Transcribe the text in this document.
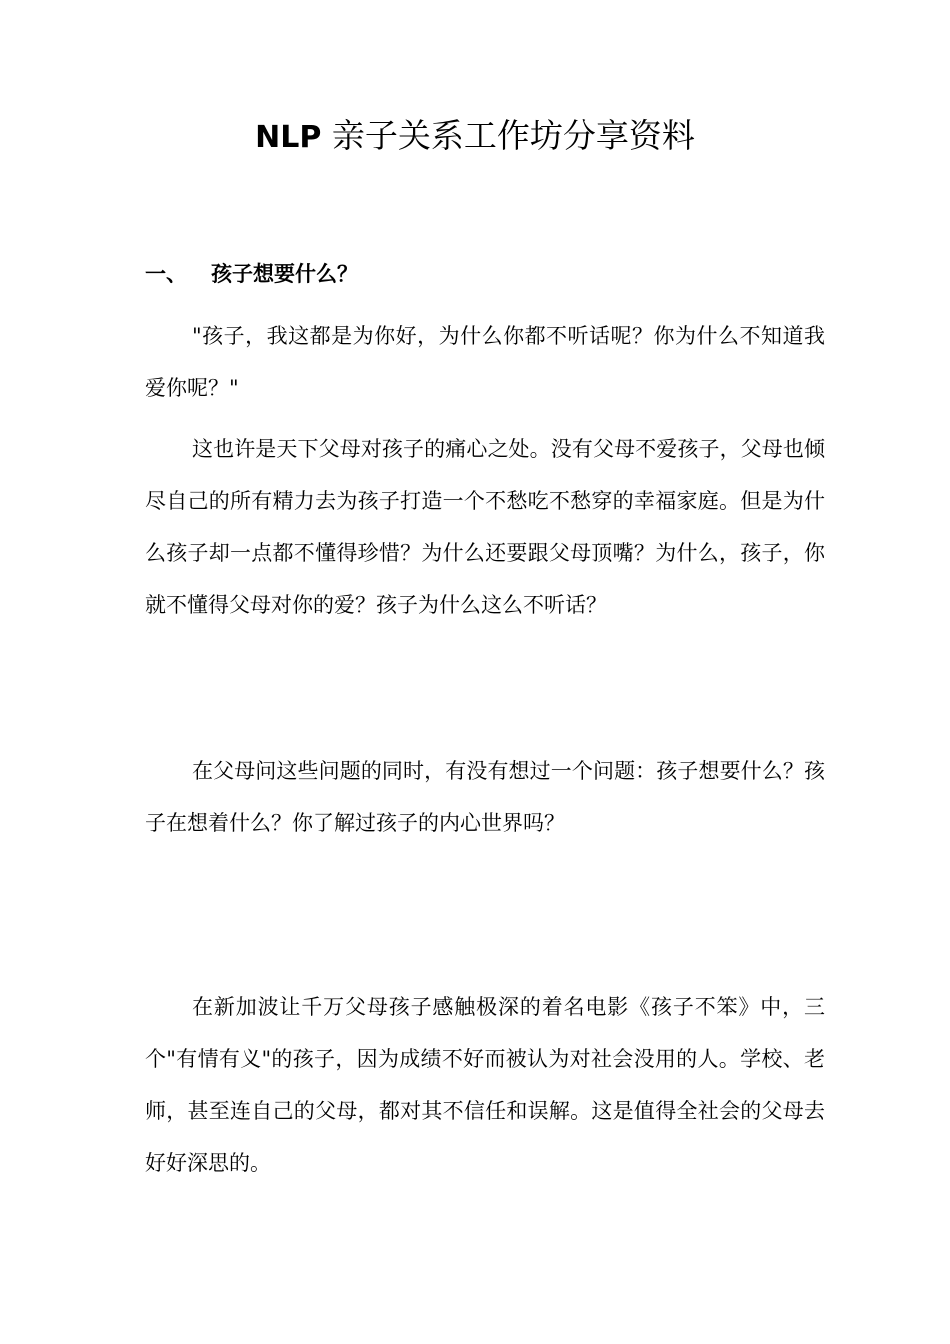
NLP 亲子关系工作坊分享资料
一、 孩子想要什么？

"孩子，我这都是为你好，为什么你都不听话呢？你为什么不知道我爱你呢？"

这也许是天下父母对孩子的痛心之处。没有父母不爱孩子，父母也倾尽自己的所有精力去为孩子打造一个不愁吃不愁穿的幸福家庭。但是为什么孩子却一点都不懂得珍惜？为什么还要跟父母顶嘴？为什么，孩子，你就不懂得父母对你的爱？孩子为什么这么不听话？

在父母问这些问题的同时，有没有想过一个问题：孩子想要什么？孩子在想着什么？你了解过孩子的内心世界吗？

在新加波让千万父母孩子感触极深的着名电影《孩子不笨》中，三个"有情有义"的孩子，因为成绩不好而被认为对社会没用的人。学校、老师，甚至连自己的父母，都对其不信任和误解。这是值得全社会的父母去好好深思的。
